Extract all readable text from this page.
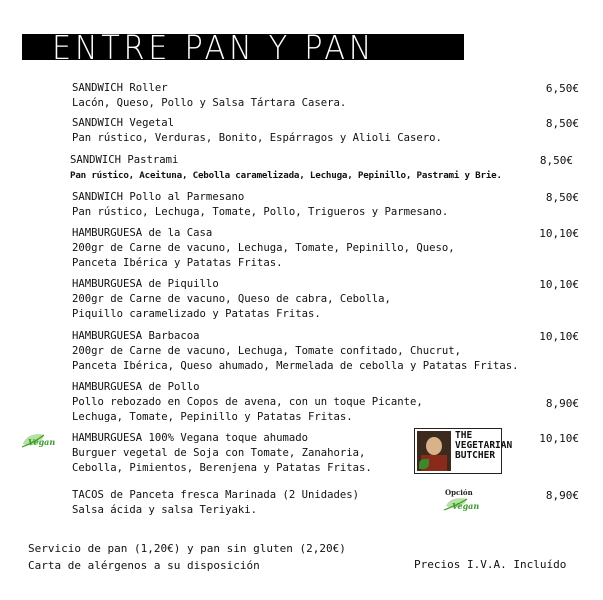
ENTRE PAN Y PAN
SANDWICH Roller
Lacón, Queso, Pollo y Salsa Tártara Casera.
6,50€
SANDWICH Vegetal
Pan rústico, Verduras, Bonito, Espárragos y Alioli Casero.
8,50€
SANDWICH Pastrami
Pan rústico, Aceituna, Cebolla caramelizada, Lechuga, Pepinillo, Pastrami y Brie.
8,50€
SANDWICH Pollo al Parmesano
Pan rústico, Lechuga, Tomate, Pollo, Trigueros y Parmesano.
8,50€
HAMBURGUESA de la Casa
200gr de Carne de vacuno, Lechuga, Tomate, Pepinillo, Queso,
Panceta Ibérica y Patatas Fritas.
10,10€
HAMBURGUESA de Piquillo
200gr de Carne de vacuno, Queso de cabra, Cebolla,
Piquillo caramelizado y Patatas Fritas.
10,10€
HAMBURGUESA Barbacoa
200gr de Carne de vacuno, Lechuga, Tomate confitado, Chucrut,
Panceta Ibérica, Queso ahumado, Mermelada de cebolla y Patatas Fritas.
10,10€
HAMBURGUESA de Pollo
Pollo rebozado en Copos de avena, con un toque Picante,
Lechuga, Tomate, Pepinillo y Patatas Fritas.
8,90€
Vegan HAMBURGUESA 100% Vegana toque ahumado
Burguer vegetal de Soja con Tomate, Zanahoria,
Cebolla, Pimientos, Berenjena y Patatas Fritas.
THE VEGETARIAN BUTCHER
10,10€
TACOS de Panceta fresca Marinada (2 Unidades)
Salsa ácida y salsa Teriyaki.
Opción
Vegan
8,90€
Servicio de pan (1,20€) y pan sin gluten (2,20€)
Carta de alérgenos a su disposición	Precios I.V.A. Incluído
